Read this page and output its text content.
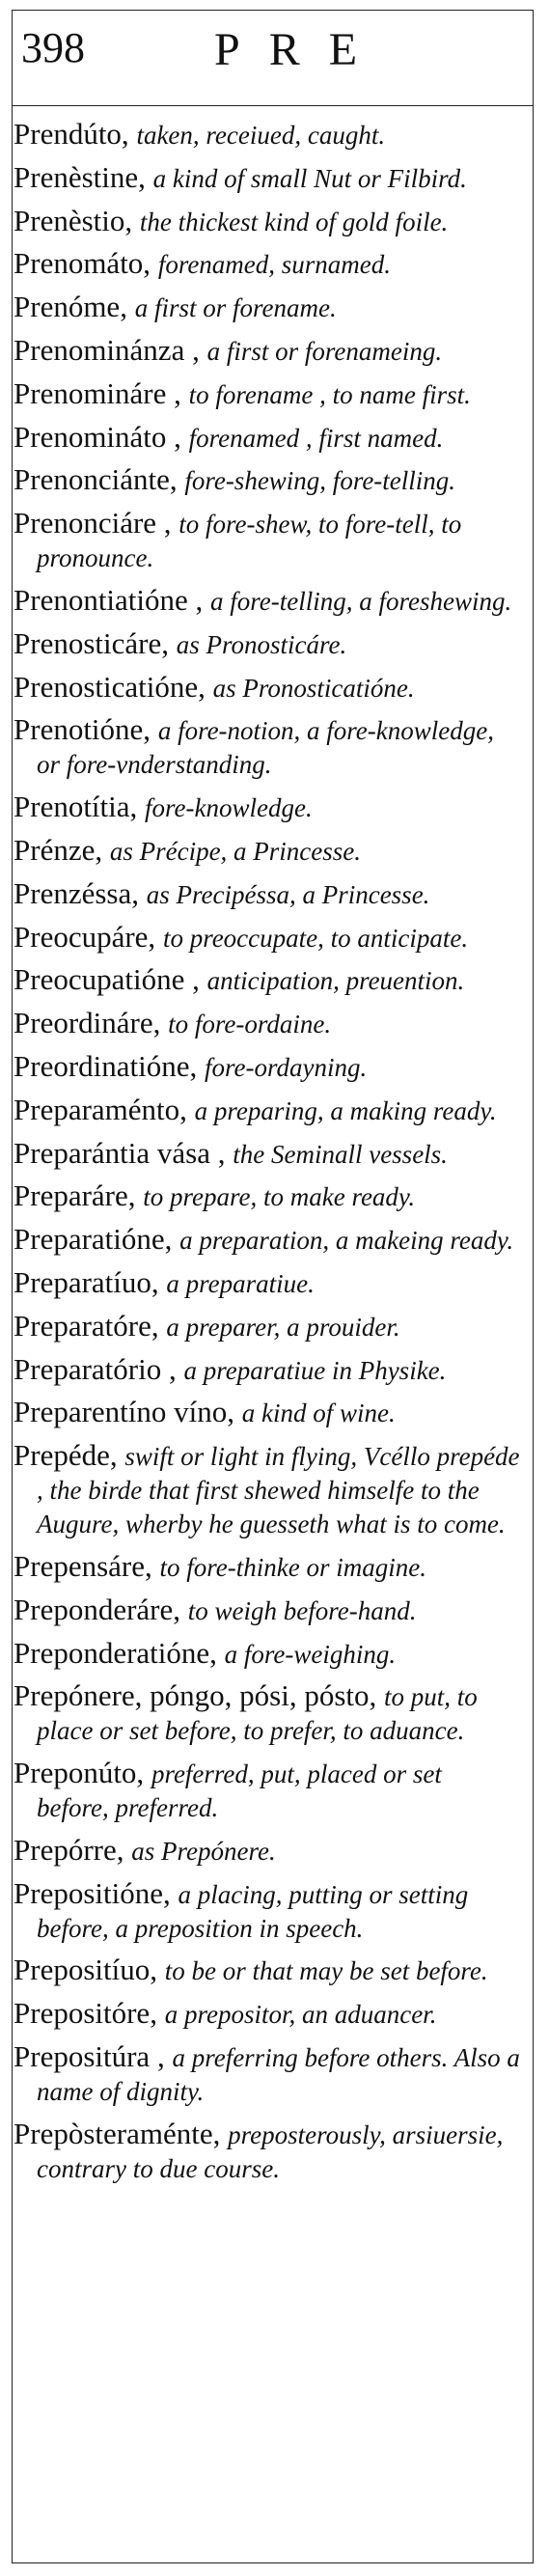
398	PRE

Prendúto, taken, receiued, caught.

Prenèstine, a kind of small Nut or Filbird.

Prenèstio, the thickest kind of gold foile.

Prenomáto, forenamed, surnamed.

Prenóme, a first or forename.

Prenominánza , a first or forenameing.

Prenomináre , to forename , to name first.

Prenomináto , forenamed , first named.

Prenonciánte, fore-shewing, fore-telling.

Prenonciáre , to fore-shew, to fore-tell, to pronounce.

Prenontiatióne , a fore-telling, a foreshewing.

Prenosticáre, as Pronosticáre.

Prenosticatióne, as Pronosticatióne.

Prenotióne, a fore-notion, a fore-knowledge, or fore-vnderstanding.

Prenotítia, fore-knowledge.

Prénze, as Précipe, a Princesse.

Prenzéssa, as Precipéssa, a Princesse.

Preocupáre, to preoccupate, to anticipate.

Preocupatióne , anticipation, preuention.

Preordináre, to fore-ordaine.

Preordinatióne, fore-ordayning.

Preparaménto, a preparing, a making ready.

Preparántia vása , the Seminall vessels.

Preparáre, to prepare, to make ready.

Preparatióne, a preparation, a makeing ready.

Preparatíuo, a preparatiue.

Preparatóre, a preparer, a prouider.

Preparatório , a preparatiue in Physike.

Preparentíno víno, a kind of wine.

Prepéde, swift or light in flying, Vcéllo prepéde , the birde that first shewed himselfe to the Augure, wherby he guesseth what is to come.

Prepensáre, to fore-thinke or imagine.

Preponderáre, to weigh before-hand.

Preponderatióne, a fore-weighing.

Prepónere, póngo, pósi, pósto, to put, to place or set before, to prefer, to aduance.

Preponúto, preferred, put, placed or set before, preferred.

Prepórre, as Prepónere.

Prepositióne, a placing, putting or setting before, a preposition in speech.

Prepositíuo, to be or that may be set before.

Prepositóre, a prepositor, an aduancer.

Prepositúra , a preferring before others. Also a name of dignity.

Prepòsteraménte, preposterously, arsiuersie, contrary to due course.
